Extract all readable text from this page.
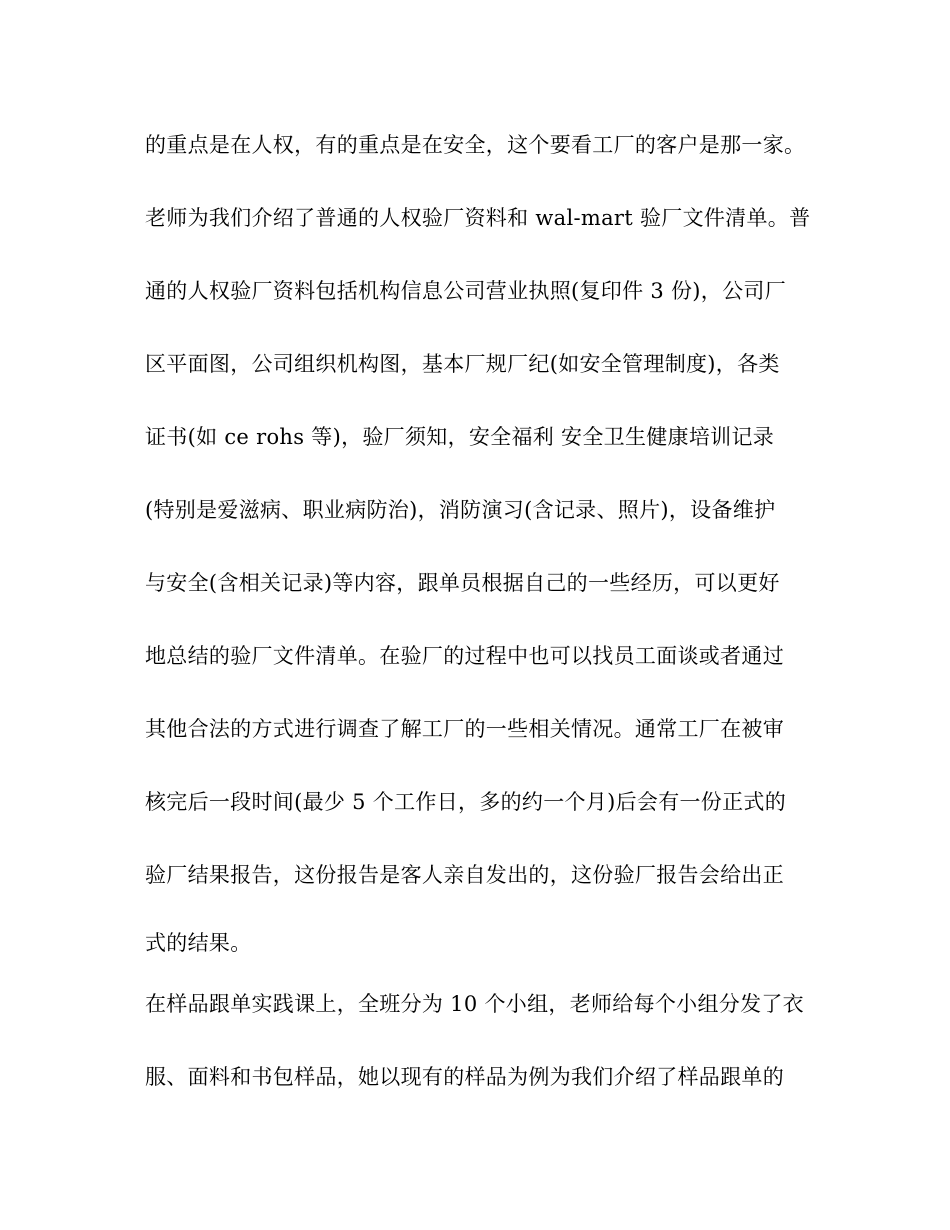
的重点是在人权，有的重点是在安全，这个要看工厂的客户是那一家。
老师为我们介绍了普通的人权验厂资料和 wal-mart 验厂文件清单。普
通的人权验厂资料包括机构信息公司营业执照(复印件 3 份)，公司厂
区平面图，公司组织机构图，基本厂规厂纪(如安全管理制度)，各类
证书(如 ce rohs 等)，验厂须知，安全福利 安全卫生健康培训记录
(特别是爱滋病、职业病防治)，消防演习(含记录、照片)，设备维护
与安全(含相关记录)等内容，跟单员根据自己的一些经历，可以更好
地总结的验厂文件清单。在验厂的过程中也可以找员工面谈或者通过
其他合法的方式进行调查了解工厂的一些相关情况。通常工厂在被审
核完后一段时间(最少 5 个工作日，多的约一个月)后会有一份正式的
验厂结果报告，这份报告是客人亲自发出的，这份验厂报告会给出正
式的结果。
在样品跟单实践课上，全班分为 10 个小组，老师给每个小组分发了衣
服、面料和书包样品，她以现有的样品为例为我们介绍了样品跟单的
